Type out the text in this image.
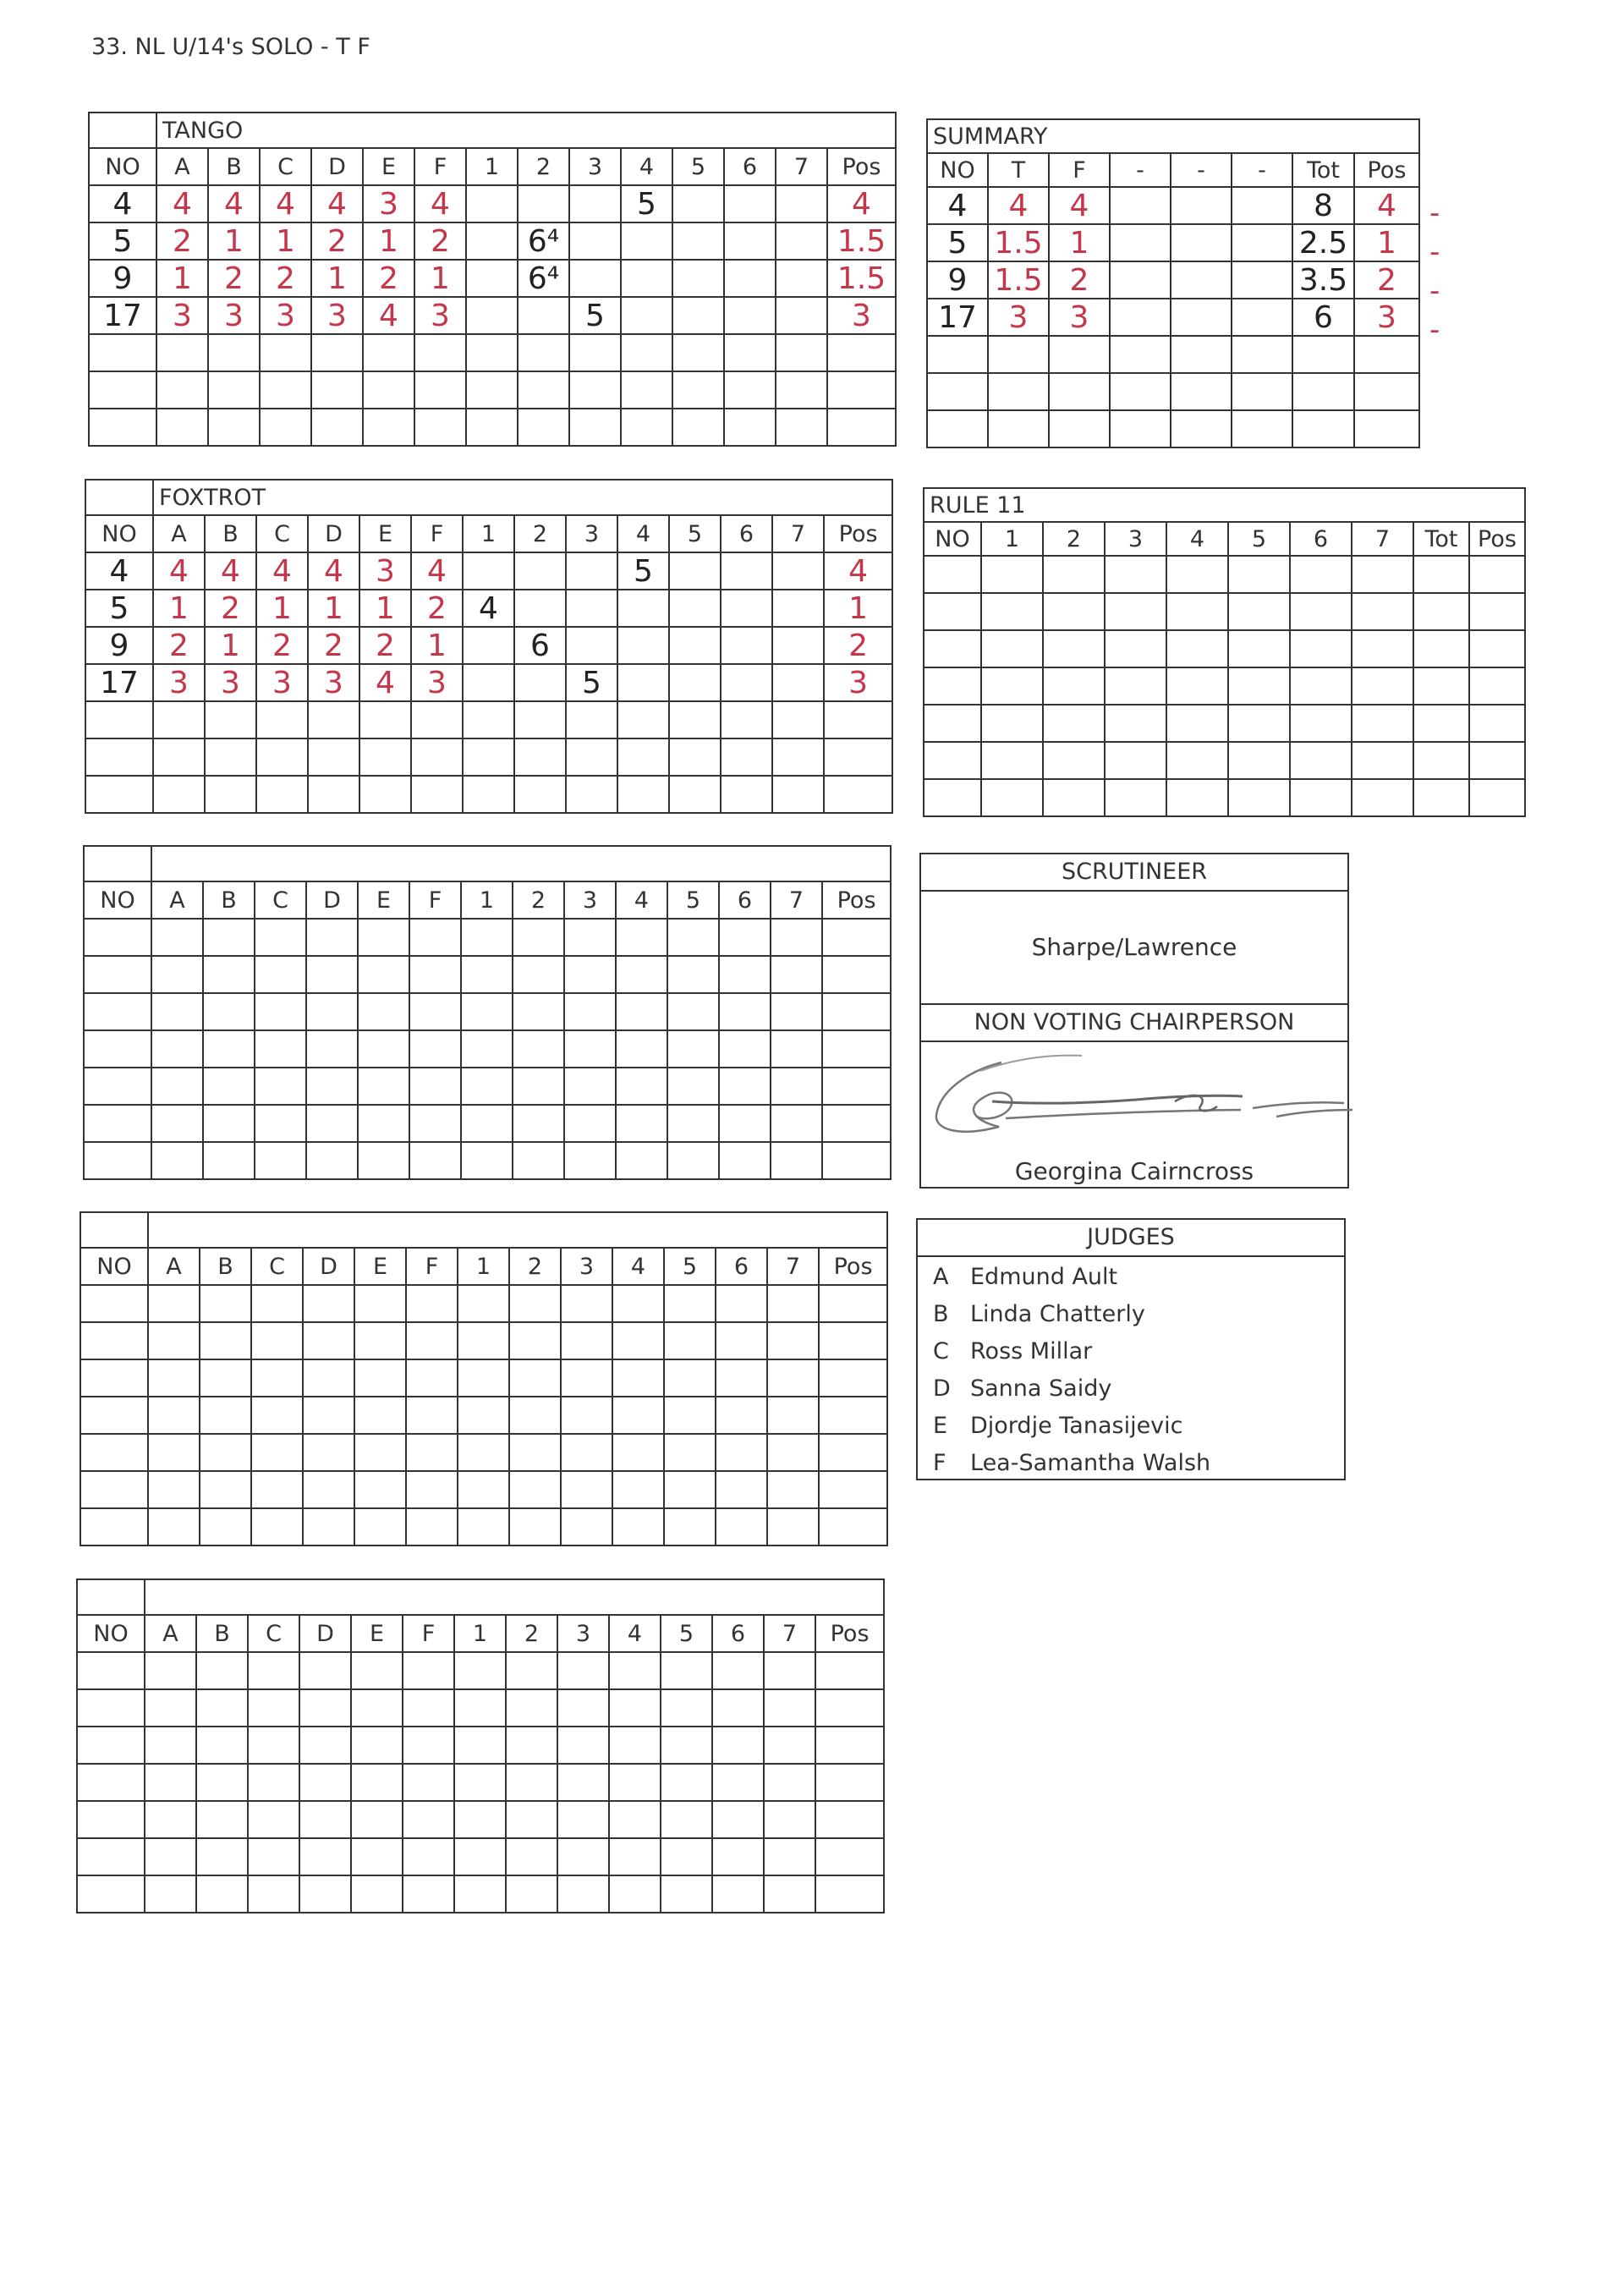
33. NL U/14's SOLO - T F
	TANGO													
NO	A	B	C	D	E	F	1	2	3	4	5	6	7	Pos
4	4	4	4	4	3	4				5				4
5	2	1	1	2	1	2		6⁴						1.5
9	1	2	2	1	2	1		6⁴						1.5
17	3	3	3	3	4	3			5					3

	FOXTROT													
NO	A	B	C	D	E	F	1	2	3	4	5	6	7	Pos
4	4	4	4	4	3	4				5				4
5	1	2	1	1	1	2	4							1
9	2	1	2	2	2	1		6						2
17	3	3	3	3	4	3			5					3

NO	A	B	C	D	E	F	1	2	3	4	5	6	7	Pos

NO	A	B	C	D	E	F	1	2	3	4	5	6	7	Pos

NO	A	B	C	D	E	F	1	2	3	4	5	6	7	Pos

SUMMARY							
NO	T	F	-	-	-	Tot	Pos
4	4	4				8	4
5	1.5	1				2.5	1
9	1.5	2				3.5	2
17	3	3				6	3

-
-
-
-
RULE 11									
NO	1	2	3	4	5	6	7	Tot	Pos

SCRUTINEER
Sharpe/Lawrence
NON VOTING CHAIRPERSON
Georgina Cairncross
JUDGES
A Edmund Ault
B Linda Chatterly
C Ross Millar
D Sanna Saidy
E Djordje Tanasijevic
F Lea-Samantha Walsh
